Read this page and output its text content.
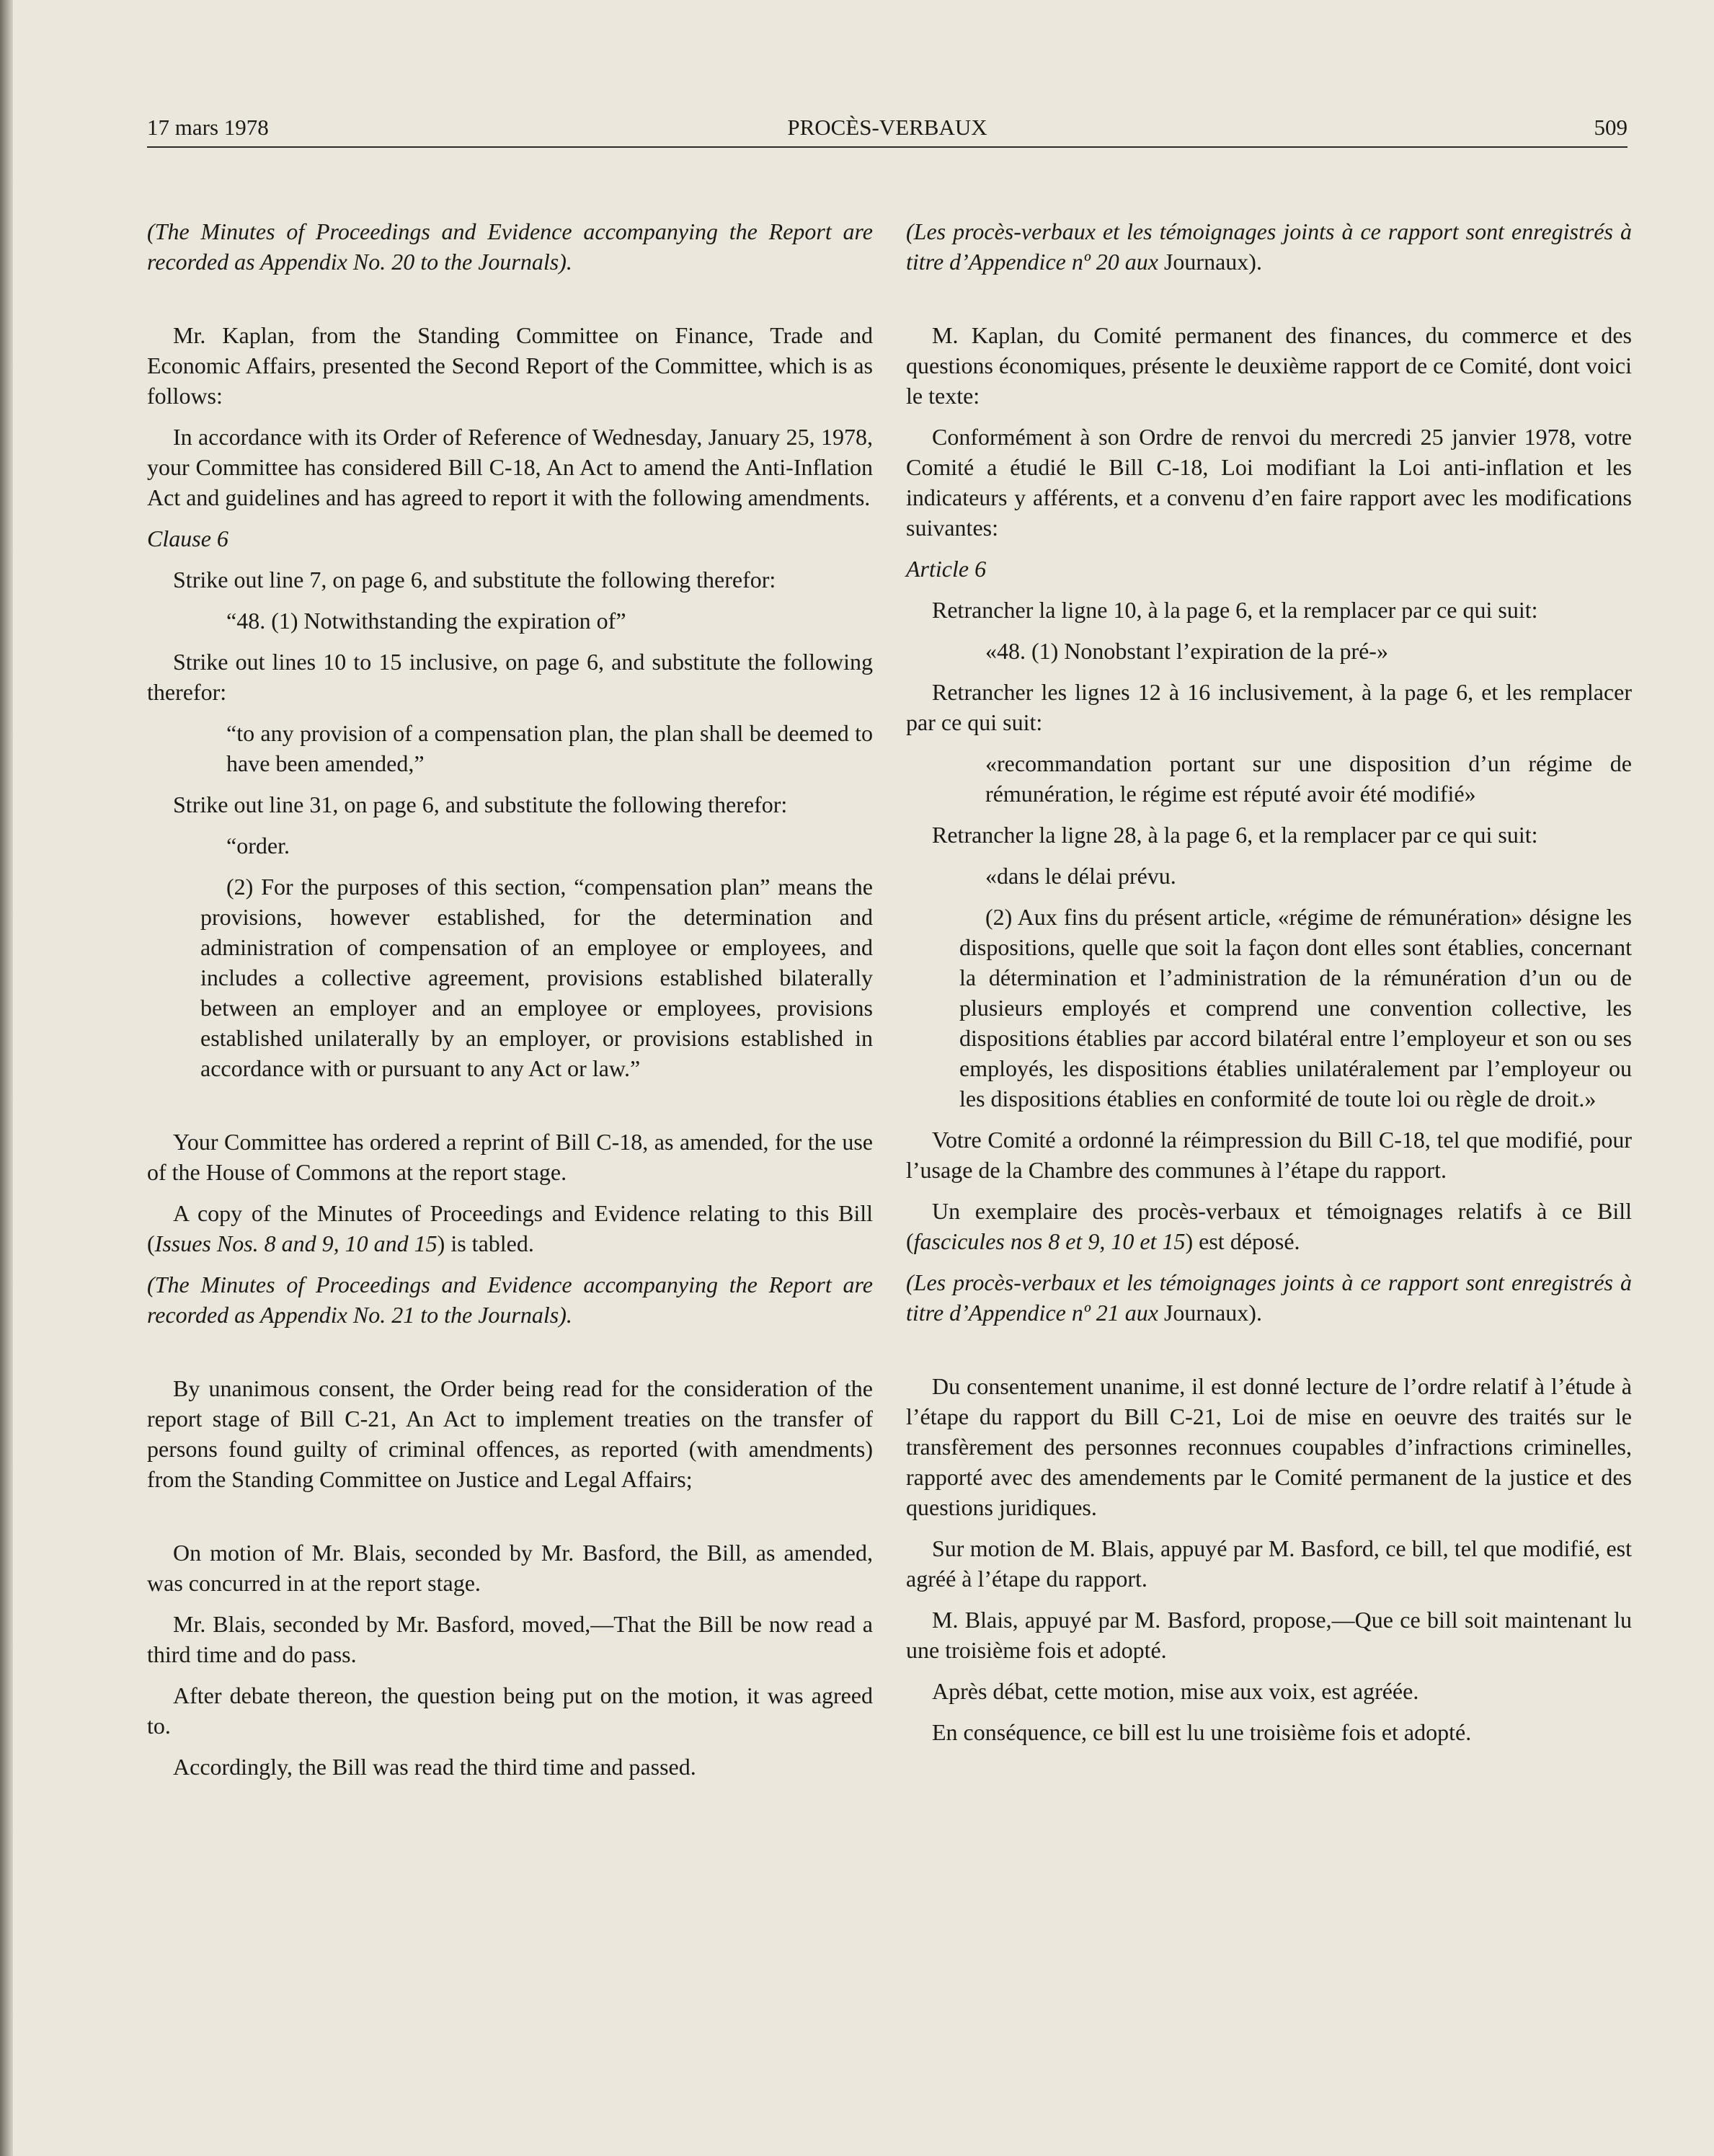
17 mars 1978	PROCÈS-VERBAUX	509

(The Minutes of Proceedings and Evidence accompanying the Report are recorded as Appendix No. 20 to the Journals).

Mr. Kaplan, from the Standing Committee on Finance, Trade and Economic Affairs, presented the Second Report of the Committee, which is as follows:

In accordance with its Order of Reference of Wednesday, January 25, 1978, your Committee has considered Bill C-18, An Act to amend the Anti-Inflation Act and guidelines and has agreed to report it with the following amendments.

Clause 6

Strike out line 7, on page 6, and substitute the following therefor:

“48. (1) Notwithstanding the expiration of”

Strike out lines 10 to 15 inclusive, on page 6, and substitute the following therefor:

“to any provision of a compensation plan, the plan shall be deemed to have been amended,”

Strike out line 31, on page 6, and substitute the following therefor:

“order.

(2) For the purposes of this section, “compensation plan” means the provisions, however established, for the determination and administration of compensation of an employee or employees, and includes a collective agreement, provisions established bilaterally between an employer and an employee or employees, provisions established unilaterally by an employer, or provisions established in accordance with or pursuant to any Act or law.”

Your Committee has ordered a reprint of Bill C-18, as amended, for the use of the House of Commons at the report stage.

A copy of the Minutes of Proceedings and Evidence relating to this Bill (Issues Nos. 8 and 9, 10 and 15) is tabled.

(The Minutes of Proceedings and Evidence accompanying the Report are recorded as Appendix No. 21 to the Journals).

By unanimous consent, the Order being read for the consideration of the report stage of Bill C-21, An Act to implement treaties on the transfer of persons found guilty of criminal offences, as reported (with amendments) from the Standing Committee on Justice and Legal Affairs;

On motion of Mr. Blais, seconded by Mr. Basford, the Bill, as amended, was concurred in at the report stage.

Mr. Blais, seconded by Mr. Basford, moved,—That the Bill be now read a third time and do pass.

After debate thereon, the question being put on the motion, it was agreed to.

Accordingly, the Bill was read the third time and passed.

(Les procès-verbaux et les témoignages joints à ce rapport sont enregistrés à titre d’Appendice nº 20 aux Journaux).

M. Kaplan, du Comité permanent des finances, du commerce et des questions économiques, présente le deuxième rapport de ce Comité, dont voici le texte:

Conformément à son Ordre de renvoi du mercredi 25 janvier 1978, votre Comité a étudié le Bill C-18, Loi modifiant la Loi anti-inflation et les indicateurs y afférents, et a convenu d’en faire rapport avec les modifications suivantes:

Article 6

Retrancher la ligne 10, à la page 6, et la remplacer par ce qui suit:

«48. (1) Nonobstant l’expiration de la pré-»

Retrancher les lignes 12 à 16 inclusivement, à la page 6, et les remplacer par ce qui suit:

«recommandation portant sur une disposition d’un régime de rémunération, le régime est réputé avoir été modifié»

Retrancher la ligne 28, à la page 6, et la remplacer par ce qui suit:

«dans le délai prévu.

(2) Aux fins du présent article, «régime de rémunération» désigne les dispositions, quelle que soit la façon dont elles sont établies, concernant la détermination et l’administration de la rémunération d’un ou de plusieurs employés et comprend une convention collective, les dispositions établies par accord bilatéral entre l’employeur et son ou ses employés, les dispositions établies unilatéralement par l’employeur ou les dispositions établies en conformité de toute loi ou règle de droit.»

Votre Comité a ordonné la réimpression du Bill C-18, tel que modifié, pour l’usage de la Chambre des communes à l’étape du rapport.

Un exemplaire des procès-verbaux et témoignages relatifs à ce Bill (fascicules nos 8 et 9, 10 et 15) est déposé.

(Les procès-verbaux et les témoignages joints à ce rapport sont enregistrés à titre d’Appendice nº 21 aux Journaux).

Du consentement unanime, il est donné lecture de l’ordre relatif à l’étude à l’étape du rapport du Bill C-21, Loi de mise en oeuvre des traités sur le transfèrement des personnes reconnues coupables d’infractions criminelles, rapporté avec des amendements par le Comité permanent de la justice et des questions juridiques.

Sur motion de M. Blais, appuyé par M. Basford, ce bill, tel que modifié, est agréé à l’étape du rapport.

M. Blais, appuyé par M. Basford, propose,—Que ce bill soit maintenant lu une troisième fois et adopté.

Après débat, cette motion, mise aux voix, est agréée.

En conséquence, ce bill est lu une troisième fois et adopté.
